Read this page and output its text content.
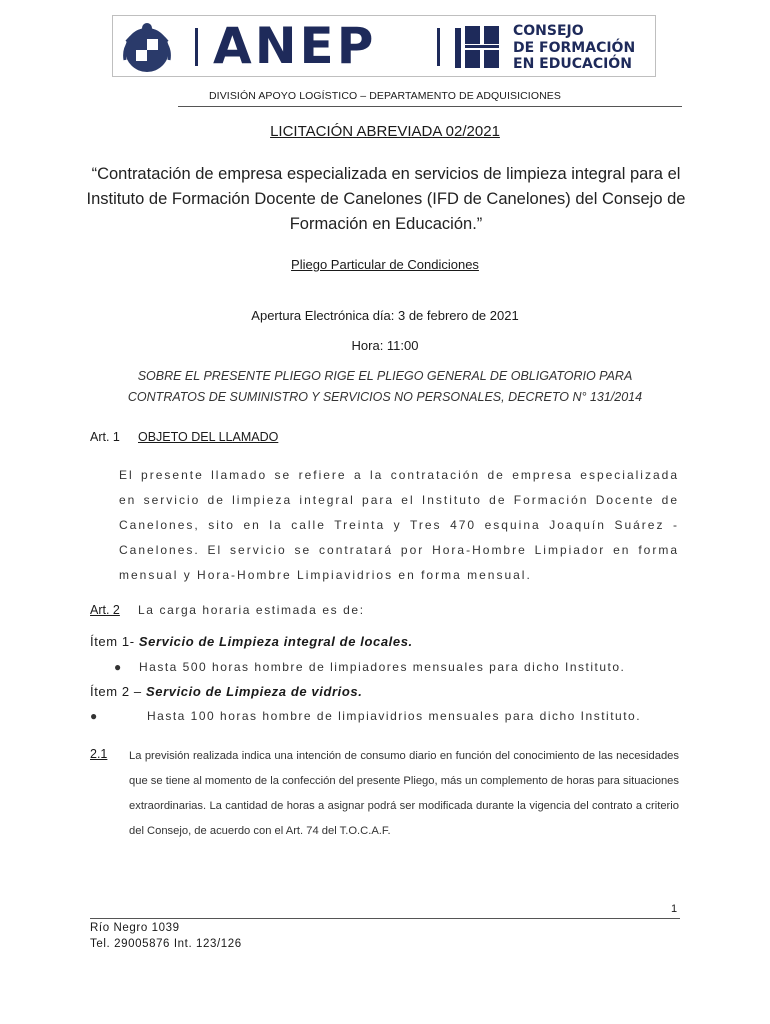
ANEP	CONSEJO
DE FORMACIÓN
EN EDUCACIÓN
DIVISIÓN APOYO LOGÍSTICO – DEPARTAMENTO DE ADQUISICIONES
LICITACIÓN ABREVIADA 02/2021
“Contratación de empresa especializada en servicios de limpieza integral para el Instituto de Formación Docente de Canelones (IFD de Canelones) del Consejo de Formación en Educación.”
Pliego Particular de Condiciones
Apertura Electrónica día: 3 de febrero de 2021
Hora: 11:00
SOBRE EL PRESENTE PLIEGO RIGE EL PLIEGO GENERAL DE OBLIGATORIO PARA
CONTRATOS DE SUMINISTRO Y SERVICIOS NO PERSONALES, DECRETO N° 131/2014
Art. 1 OBJETO DEL LLAMADO
El presente llamado se refiere a la contratación de empresa especializada en servicio de limpieza integral para el Instituto de Formación Docente de Canelones, sito en la calle Treinta y Tres 470 esquina Joaquín Suárez - Canelones. El servicio se contratará por Hora-Hombre Limpiador en forma mensual y Hora-Hombre Limpiavidrios en forma mensual.
Art. 2 La carga horaria estimada es de:
Ítem 1- Servicio de Limpieza integral de locales.
● Hasta 500 horas hombre de limpiadores mensuales para dicho Instituto.
Ítem 2 – Servicio de Limpieza de vidrios.
●	Hasta 100 horas hombre de limpiavidrios mensuales para dicho Instituto.
2.1 La previsión realizada indica una intención de consumo diario en función del conocimiento de las necesidades que se tiene al momento de la confección del presente Pliego, más un complemento de horas para situaciones extraordinarias. La cantidad de horas a asignar podrá ser modificada durante la vigencia del contrato a criterio del Consejo, de acuerdo con el Art. 74 del T.O.C.A.F.
1
Río Negro 1039
Tel. 29005876 Int. 123/126
